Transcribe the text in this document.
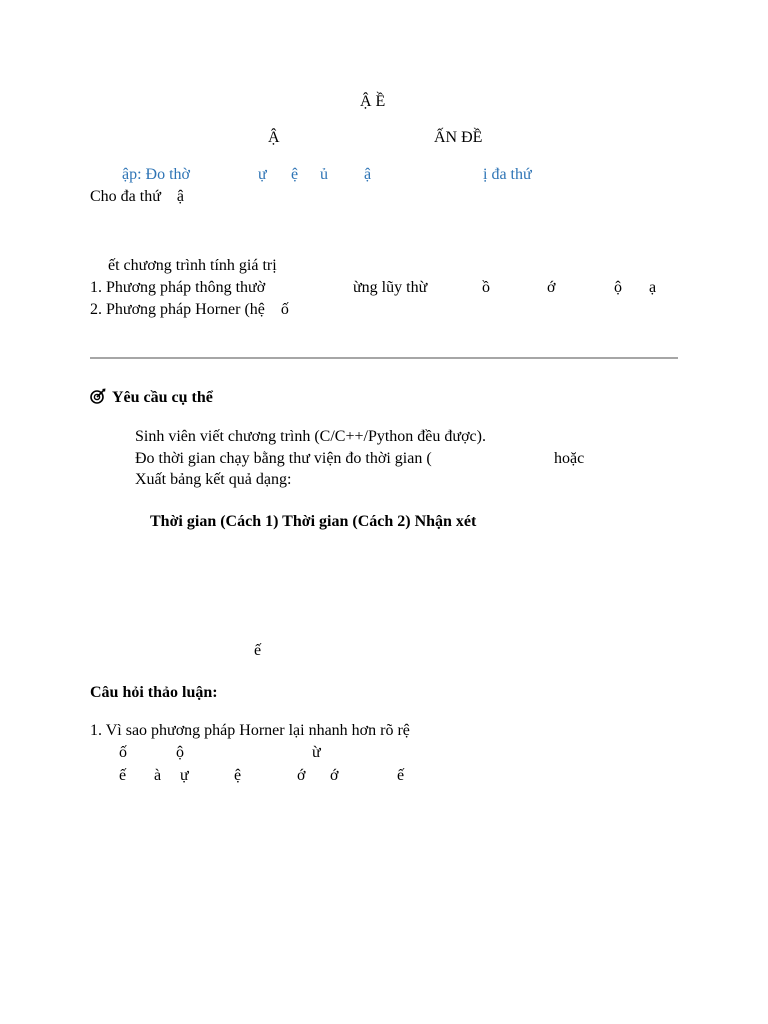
Ậ Ề
Ậ	ẤN ĐỀ
ập: Đo thờ	ự ệ ủ ậ	ị đa thứ
Cho đa thứ    ậ
ết chương trình tính giá trị
1. Phương pháp thông thườ	ừng lũy thừ	ồ	ớ	ộ ạ
2. Phương pháp Horner (hệ    ố
Yêu cầu cụ thể
Sinh viên viết chương trình (C/C++/Python đều được).
Đo thời gian chạy bằng thư viện đo thời gian (	hoặc
Xuất bảng kết quả dạng:
Thời gian (Cách 1) Thời gian (Cách 2) Nhận xét
ế
Câu hỏi thảo luận:
1. Vì sao phương pháp Horner lại nhanh hơn rõ rệ
ố	ộ	ừ
ế à ự	ệ	ớ ớ	ế
